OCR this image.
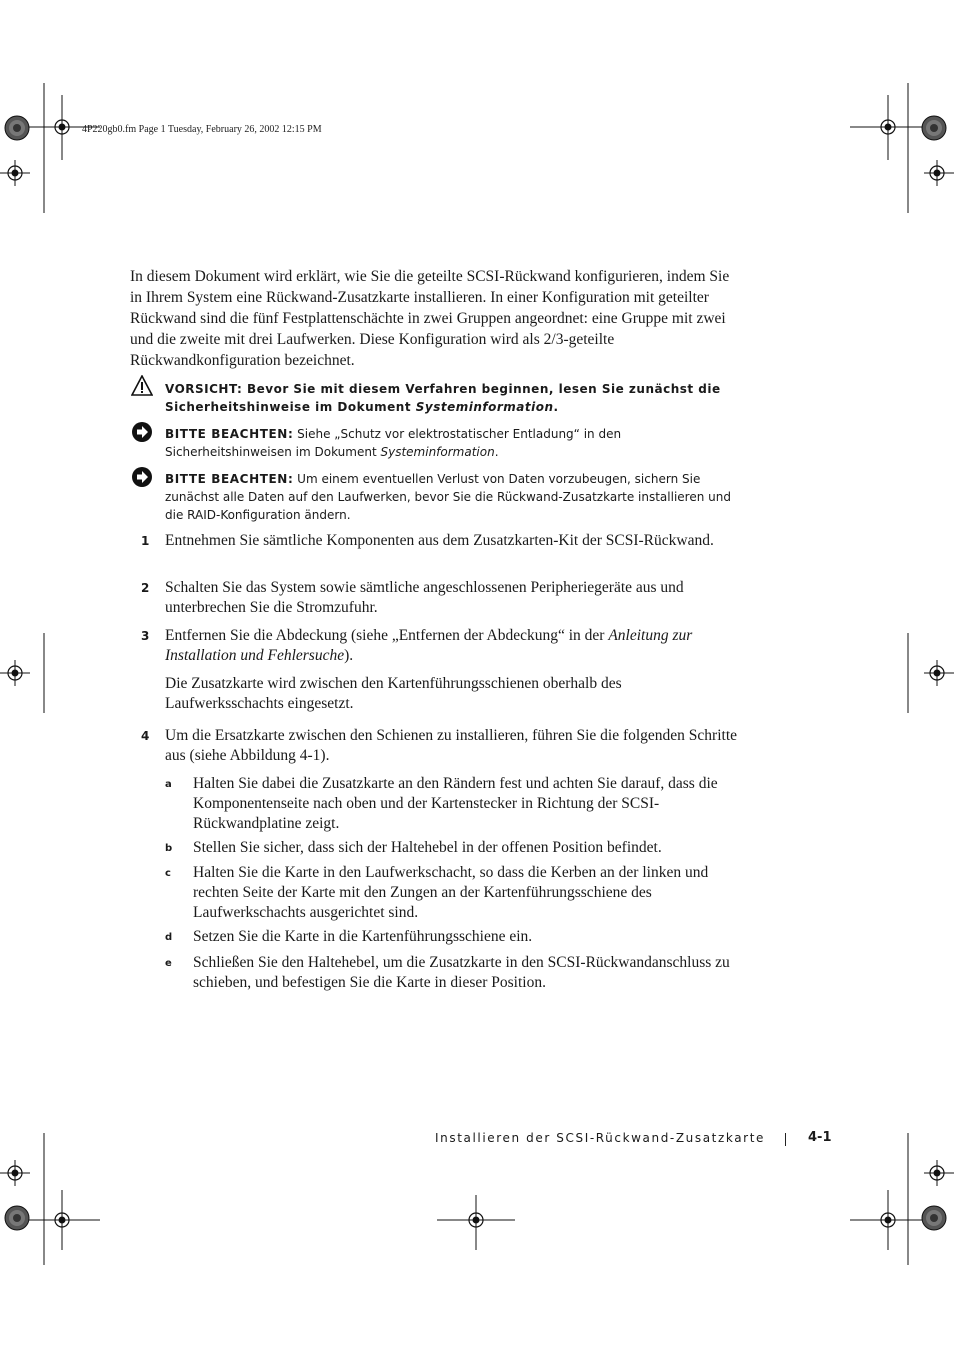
4P220gb0.fm Page 1 Tuesday, February 26, 2002 12:15 PM

In diesem Dokument wird erklärt, wie Sie die geteilte SCSI-Rückwand konfigurieren, indem Sie in Ihrem System eine Rückwand-Zusatzkarte installieren. In einer Konfiguration mit geteilter Rückwand sind die fünf Festplattenschächte in zwei Gruppen angeordnet: eine Gruppe mit zwei und die zweite mit drei Laufwerken. Diese Konfiguration wird als 2/3-geteilte Rückwandkonfiguration bezeichnet.

VORSICHT: Bevor Sie mit diesem Verfahren beginnen, lesen Sie zunächst die Sicherheitshinweise im Dokument Systeminformation.
BITTE BEACHTEN: Siehe „Schutz vor elektrostatischer Entladung“ in den Sicherheitshinweisen im Dokument Systeminformation.
BITTE BEACHTEN: Um einem eventuellen Verlust von Daten vorzubeugen, sichern Sie zunächst alle Daten auf den Laufwerken, bevor Sie die Rückwand-Zusatzkarte installieren und die RAID-Konfiguration ändern.
1 Entnehmen Sie sämtliche Komponenten aus dem Zusatzkarten-Kit der SCSI-Rückwand.
2 Schalten Sie das System sowie sämtliche angeschlossenen Peripheriegeräte aus und unterbrechen Sie die Stromzufuhr.
3 Entfernen Sie die Abdeckung (siehe „Entfernen der Abdeckung“ in der Anleitung zur Installation und Fehlersuche).
Die Zusatzkarte wird zwischen den Kartenführungsschienen oberhalb des Laufwerksschachts eingesetzt.
4 Um die Ersatzkarte zwischen den Schienen zu installieren, führen Sie die folgenden Schritte aus (siehe Abbildung 4-1).
a Halten Sie dabei die Zusatzkarte an den Rändern fest und achten Sie darauf, dass die Komponentenseite nach oben und der Kartenstecker in Richtung der SCSI-Rückwandplatine zeigt.
b Stellen Sie sicher, dass sich der Haltehebel in der offenen Position befindet.
c Halten Sie die Karte in den Laufwerkschacht, so dass die Kerben an der linken und rechten Seite der Karte mit den Zungen an der Kartenführungsschiene des Laufwerkschachts ausgerichtet sind.
d Setzen Sie die Karte in die Kartenführungsschiene ein.
e Schließen Sie den Haltehebel, um die Zusatzkarte in den SCSI-Rückwandanschluss zu schieben, und befestigen Sie die Karte in dieser Position.
Installieren der SCSI-Rückwand-Zusatzkarte	4-1
